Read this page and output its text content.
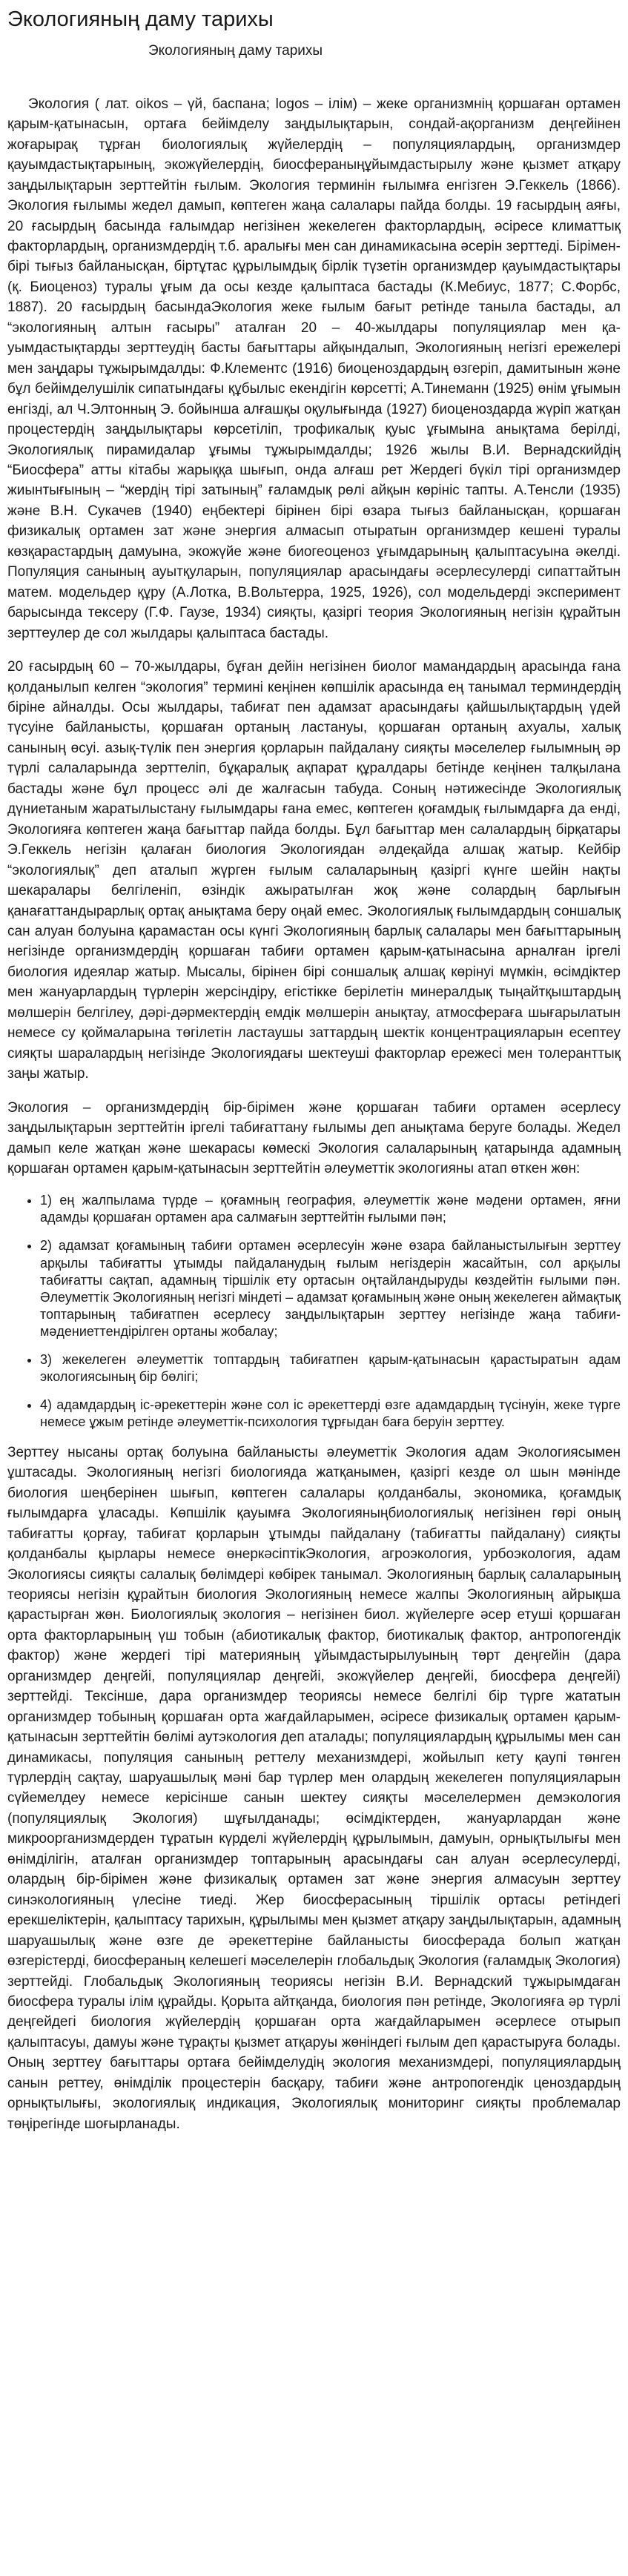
Экологияның даму тарихы
Экологияның даму тарихы

Экология ( лат. oikos – үй, баспана; logos – ілім) – жеке организмнің қоршаған ортамен қарым-қатынасын, ортаға бейімделу заңдылықтарын, сондай-ақорганизм деңгейінен жоғарырақ тұрған биологиялық жүйелердің – популяциялардың, организмдер қауымдастықтарының, экожүйелердің, биосфераныңұйымдастырылу және қызмет атқару заңдылықтарын зерттейтін ғылым. Экология терминін ғылымға енгізген Э.Геккель (1866). Экология ғылымы жедел дамып, көптеген жаңа салалары пайда болды. 19 ғасырдың аяғы, 20 ғасырдың басында ғалымдар негізінен жекелеген факторлардың, әсіресе климаттық факторлардың, организмдердің т.б. аралығы мен сан динамикасына әсерін зерттеді. Бірімен-бірі тығыз байланысқан, біртұтас құрылымдық бірлік түзетін организмдер қауымдастықтары (қ. Биоценоз) туралы ұғым да осы кезде қалыптаса бастады (К.Мебиус, 1877; С.Форбс, 1887). 20 ғасырдың басындаЭкология жеке ғылым бағыт ретінде таныла бастады, ал “экологияның алтын ғасыры” аталған 20 – 40-жылдары популяциялар мен қа-уымдастықтарды зерттеудің басты бағыттары айқындалып, Экологияның негізгі ережелері мен заңдары тұжырымдалды: Ф.Клементс (1916) биоценоздардың өзгеріп, дамитынын және бұл бейімделушілік сипатындағы құбылыс екендігін көрсетті; А.Тинеманн (1925) өнім ұғымын енгізді, ал Ч.Элтонның Э. бойынша алғашқы оқулығында (1927) биоценоздарда жүріп жатқан процестердің заңдылықтары көрсетіліп, трофикалық қуыс ұғымына анықтама берілді, Экологиялық пирамидалар ұғымы тұжырымдалды; 1926 жылы В.И. Вернадскийдің “Биосфера” атты кітабы жарыққа шығып, онда алғаш рет Жердегі бүкіл тірі организмдер жиынтығының – “жердің тірі затының” ғаламдық рөлі айқын көрініс тапты. А.Тенсли (1935) және В.Н. Сукачев (1940) еңбектері бірінен бірі өзара тығыз байланысқан, қоршаған физикалық ортамен зат және энергия алмасып отыратын организмдер кешені туралы көзқарастардың дамуына, экожүйе және биогеоценоз ұғымдарының қалыптасуына әкелді. Популяция санының ауытқуларын, популяциялар арасындағы әсерлесулерді сипаттайтын матем. модельдер құру (А.Лотка, В.Вольтерра, 1925, 1926), сол модельдерді эксперимент барысында тексеру (Г.Ф. Гаузе, 1934) сияқты, қазіргі теория Экологияның негізін құрайтын зерттеулер де сол жылдары қалыптаса бастады.

20 ғасырдың 60 – 70-жылдары, бұған дейін негізінен биолог мамандардың арасында ғана қолданылып келген “экология” термині кеңінен көпшілік арасында ең танымал терминдердің біріне айналды. Осы жылдары, табиғат пен адамзат арасындағы қайшылықтардың үдей түсуіне байланысты, қоршаған ортаның ластануы, қоршаған ортаның ахуалы, халық санының өсуі. азық-түлік пен энергия қорларын пайдалану сияқты мәселелер ғылымның әр түрлі салаларында зерттеліп, бұқаралық ақпарат құралдары бетінде кеңінен талқылана бастады және бұл процесс әлі де жалғасын табуда. Соның нәтижесіндe Экологиялық дүниетаным жаратылыстану ғылымдары ғана емес, көптеген қоғамдық ғылымдарға да енді, Экологияға көптеген жаңа бағыттар пайда болды. Бұл бағыттар мен салалардың бірқатары Э.Геккель негізін қалаған биология Экологиядан әлдеқайда алшақ жатыр. Кейбір “экологиялық” деп аталып жүрген ғылым салаларының қазіргі күнге шейін нақты шекаралары белгіленіп, өзіндік ажыратылған жоқ және солардың барлығын қанағаттандырарлық ортақ анықтама беру оңай емес. Экологиялық ғылымдардың соншалық сан алуан болуына қарамастан осы күнгі Экологияның барлық салалары мен бағыттарының негізінде организмдердің қоршаған табиғи ортамен қарым-қатынасына арналған іргелі биология идеялар жатыр. Мысалы, бірінен бірі соншалық алшақ көрінуі мүмкін, өсімдіктер мен жануарлардың түрлерін жерсіндіру, егістікке берілетін минералдық тыңайтқыштардың мөлшерін белгілеу, дәрі-дәрмектердің емдік мөлшерін анықтау, атмосфераға шығарылатын немесе су қоймаларына төгілетін ластаушы заттардың шектік концентрацияларын есептеу сияқты шаралардың негізінде Экологиядағы шектеуші факторлар ережесі мен толеранттық заңы жатыр.

Экология – организмдердің бір-бірімен және қоршаған табиғи ортамен әсерлесу заңдылықтарын зерттейтін іргелі табиғаттану ғылымы деп анықтама беруге болады. Жедел дамып келе жатқан және шекарасы көмескі Экология салаларының қатарында адамның қоршаған ортамен қарым-қатынасын зерттейтін әлеуметтік экологияны атап өткен жөн:

• 1) ең жалпылама түрде – қоғамның география, әлеуметтік және мәдени ортамен, яғни адамды қоршаған ортамен ара салмағын зерттейтін ғылыми пән;
• 2) адамзат қоғамының табиғи ортамен әсерлесуін және өзара байланыстылығын зерттеу арқылы табиғатты ұтымды пайдаланудың ғылым негіздерін жасайтын, сол арқылы табиғатты сақтап, адамның тіршілік ету ортасын оңтайландыруды көздейтін ғылыми пән. Әлеуметтік Экологияның негізгі міндеті – адамзат қоғамының және оның жекелеген аймақтық топтарының табиғатпен әсерлесу заңдылықтарын зерттеу негізінде жаңа табиғи-мәдениеттендірілген ортаны жобалау;
• 3) жекелеген әлеуметтік топтардың табиғатпен қарым-қатынасын қарастыратын адам экологиясының бір бөлігі;
• 4) адамдардың іс-әрекеттерін және сол іс әрекеттерді өзге адамдардың түсінуін, жеке түрге немесе ұжым ретінде әлеуметтік-психология тұрғыдан баға беруін зерттеу.

Зерттеу нысаны ортақ болуына байланысты әлеуметтік Экология адам Экологиясымен ұштасады. Экологияның негізгі биологияда жатқанымен, қазіргі кезде ол шын мәнінде биология шеңберінен шығып, көптеген салалары қолданбалы, экономика, қоғамдық ғылымдарға ұласады. Көпшілік қауымға Экологияныңбиологиялық негізінен гөрі оның табиғатты қорғау, табиғат қорларын ұтымды пайдалану (табиғатты пайдалану) сияқты қолданбалы қырлары немесе өнеркәсіптікЭкология, агроэкология, урбоэкология, адам Экологиясы сияқты салалық бөлімдері көбірек танымал. Экологияның барлық салаларының теориясы негізін құрайтын биология Экологияның немесе жалпы Экологияның айрықша қарастырған жөн. Биологиялық экология – негізінен биол. жүйелерге әсер етуші қоршаған орта факторларының үш тобын (абиотикалық фактор, биотикалық фактор, антропогендік фактор) және жердегі тірі материяның ұйымдастырылуының төрт деңгейін (дара организмдер деңгейі, популяциялар деңгейі, экожүйелер деңгейі, биосфера деңгейі) зерттейді. Тексінше, дара организмдер теориясы немесе белгілі бір түрге жататын организмдер тобының қоршаған орта жағдайларымен, әсіресе физикалық ортамен қарым-қатынасын зерттейтін бөлімі аутэкология деп аталады; популяциялардың құрылымы мен сан динамикасы, популяция санының реттелу механизмдері, жойылып кету қаупі төнген түрлердің сақтау, шаруашылық мәні бар түрлер мен олардың жекелеген популяцияларын сүйемелдеу немесе керісінше санын шектеу сияқты мәселелермен демэкология (популяциялық Экология) шұғылданады; өсімдіктерден, жануарлардан және микроорганизмдерден тұратын күрделі жүйелердің құрылымын, дамуын, орнықтылығы мен өнімділігін, аталған организмдер топтарының арасындағы сан алуан әсерлесулерді, олардың бір-бірімен және физикалық ортамен зат және энергия алмасуын зерттеу синэкологияның үлесіне тиеді. Жер биосферасының тіршілік ортасы ретіндегі ерекшеліктерін, қалыптасу тарихын, құрылымы мен қызмет атқару заңдылықтарын, адамның шаруашылық және өзге де әрекеттеріне байланысты биосферада болып жатқан өзгерістерді, биосфераның келешегі мәселелерін глобальдық Экология (ғаламдық Экология) зерттейді. Глобальдық Экологияның теориясы негізін В.И. Вернадский тұжырымдаған биосфера туралы ілім құрайды. Қорыта айтқанда, биология пән ретінде, Экологияға әр түрлі деңгейдегі биология жүйелердің қоршаған орта жағдайларымен әсерлесе отырып қалыптасуы, дамуы және тұрақты қызмет атқаруы жөніндегі ғылым деп қарастыруға болады. Оның зерттеу бағыттары ортаға бейімделудің экология механизмдері, популяциялардың санын реттеу, өнімділік процестерін басқару, табиғи және антропогендік ценоздардың орнықтылығы, экологиялық индикация, Экологиялық мониторинг сияқты проблемалар төңірегінде шоғырланады.
